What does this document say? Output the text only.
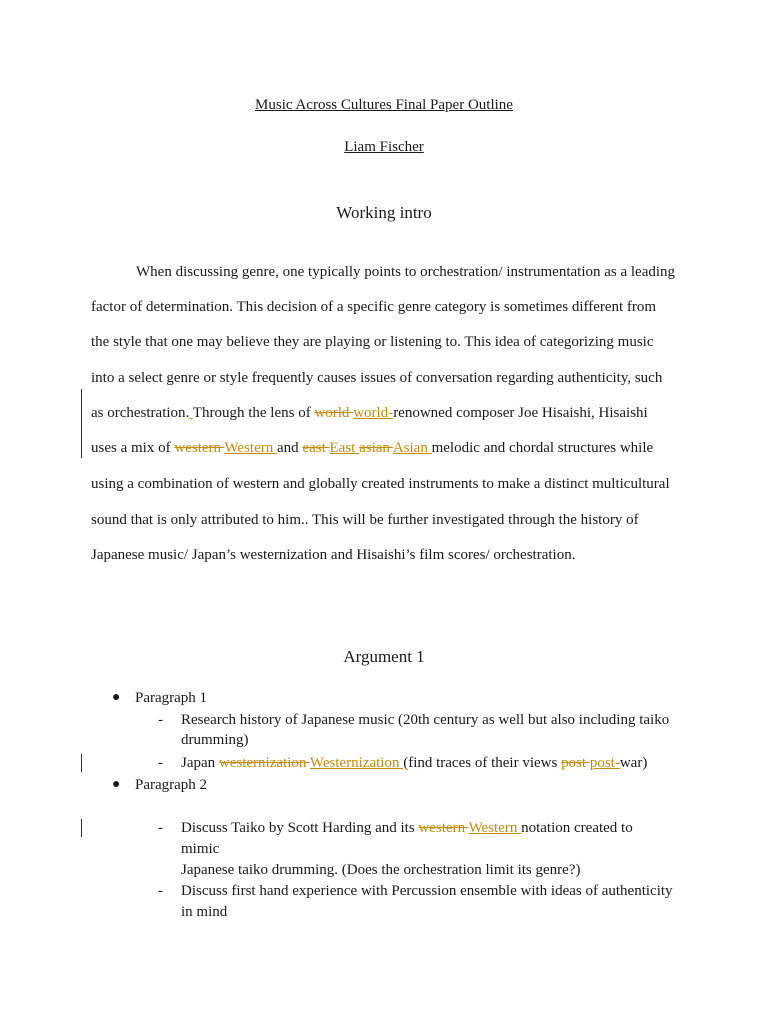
Music Across Cultures Final Paper Outline
Liam Fischer
Working intro
When discussing genre, one typically points to orchestration/ instrumentation as a leading
factor of determination. This decision of a specific genre category is sometimes different from
the style that one may believe they are playing or listening to. This idea of categorizing music
into a select genre or style frequently causes issues of conversation regarding authenticity, such
as orchestration. Through the lens of world world-renowned composer Joe Hisaishi, Hisaishi
uses a mix of western Western and east East asian Asian melodic and chordal structures while
using a combination of western and globally created instruments to make a distinct multicultural
sound that is only attributed to him.. This will be further investigated through the history of
Japanese music/ Japan’s westernization and Hisaishi’s film scores/ orchestration.
Argument 1
● Paragraph 1
- Research history of Japanese music (20th century as well but also including taiko
drumming)
- Japan westernization Westernization (find traces of their views post post-war)
● Paragraph 2
- Discuss Taiko by Scott Harding and its western Western notation created to
mimic
Japanese taiko drumming. (Does the orchestration limit its genre?)
- Discuss first hand experience with Percussion ensemble with ideas of authenticity
in mind
